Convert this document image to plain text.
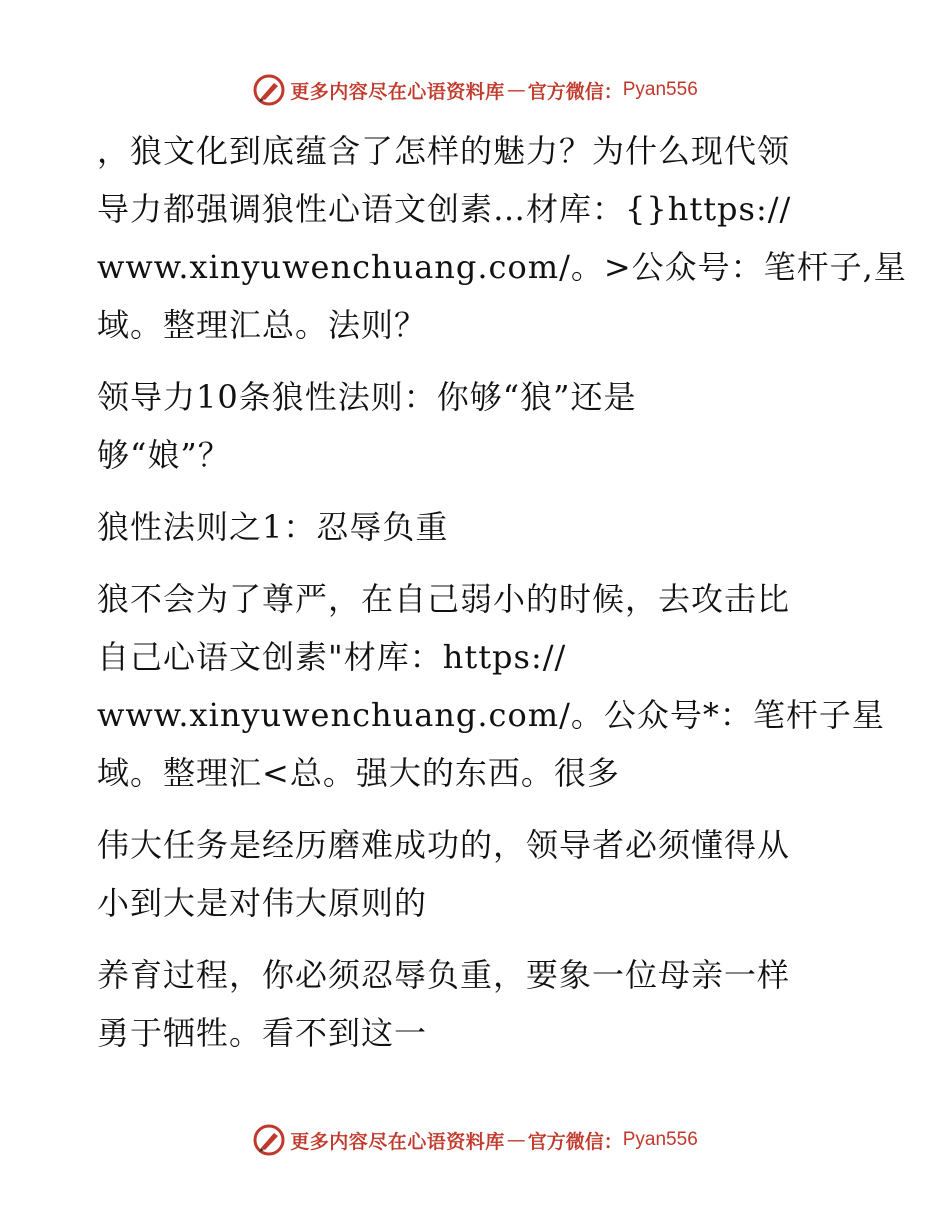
更多内容尽在心语资料库 — 官方微信： Pyan556

，狼文化到底蕴含了怎样的魅力？为什么现代领
导力都强调狼性心语文创素…材库：{}https://
www.xinyuwenchuang.com/。>公众号：笔杆子,星
域。整理汇总。法则？

领导力10条狼性法则：你够“狼”还是
够“娘”？

狼性法则之1：忍辱负重

狼不会为了尊严，在自己弱小的时候，去攻击比
自己心语文创素"材库：https://
www.xinyuwenchuang.com/。公众号*：笔杆子星
域。整理汇<总。强大的东西。很多

伟大任务是经历磨难成功的，领导者必须懂得从
小到大是对伟大原则的

养育过程，你必须忍辱负重，要象一位母亲一样
勇于牺牲。看不到这一

更多内容尽在心语资料库 — 官方微信： Pyan556
